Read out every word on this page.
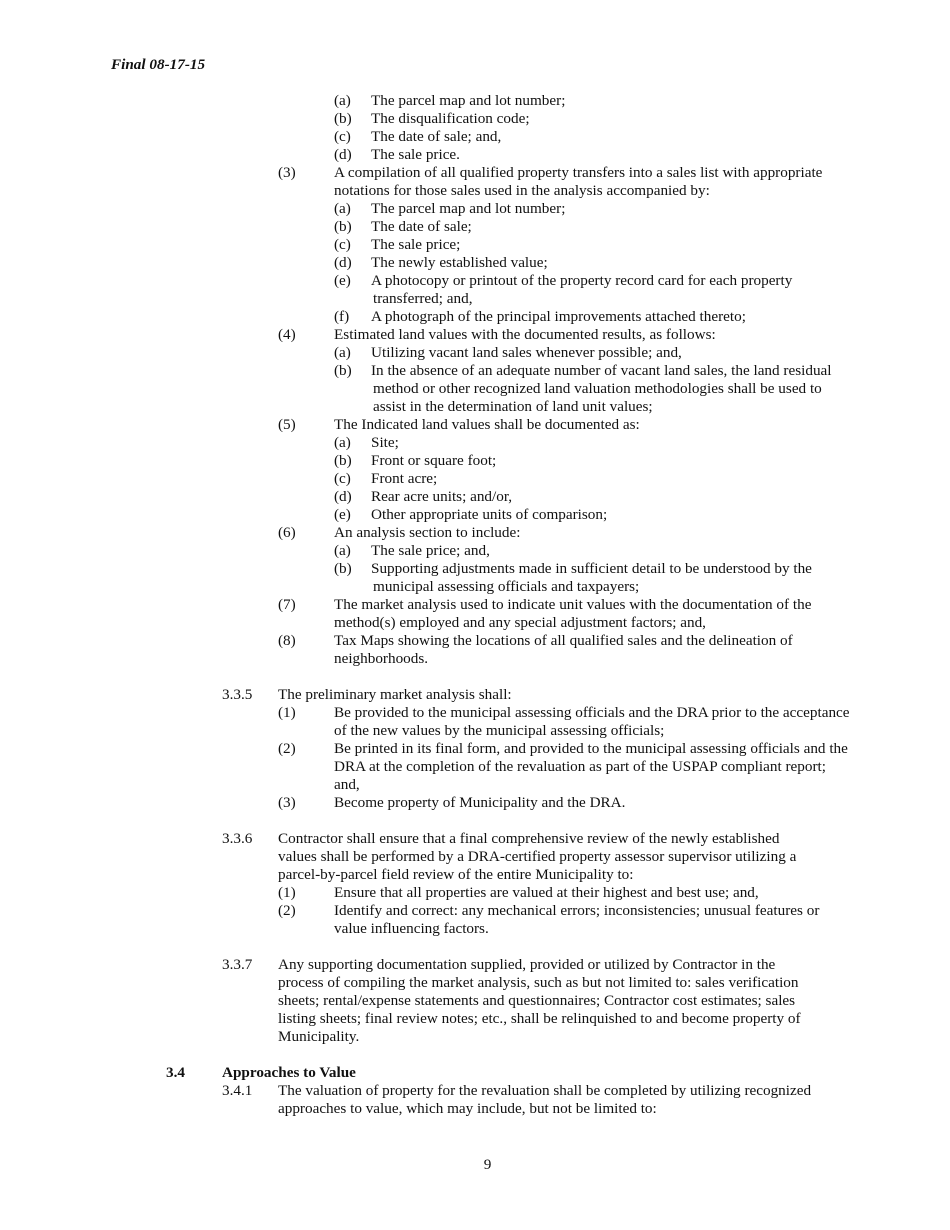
Final 08-17-15
(a) The parcel map and lot number;
(b) The disqualification code;
(c) The date of sale; and,
(d) The sale price.
(3)	A compilation of all qualified property transfers into a sales list with appropriate
notations for those sales used in the analysis accompanied by:
(a) The parcel map and lot number;
(b) The date of sale;
(c) The sale price;
(d) The newly established value;
(e) A photocopy or printout of the property record card for each property
transferred; and,
(f) A photograph of the principal improvements attached thereto;
(4)	Estimated land values with the documented results, as follows:
(a) Utilizing vacant land sales whenever possible; and,
(b) In the absence of an adequate number of vacant land sales, the land residual
method or other recognized land valuation methodologies shall be used to
assist in the determination of land unit values;
(5)	The Indicated land values shall be documented as:
(a) Site;
(b) Front or square foot;
(c) Front acre;
(d) Rear acre units; and/or,
(e) Other appropriate units of comparison;
(6)	An analysis section to include:
(a) The sale price; and,
(b) Supporting adjustments made in sufficient detail to be understood by the
municipal assessing officials and taxpayers;
(7)	The market analysis used to indicate unit values with the documentation of the
method(s) employed and any special adjustment factors; and,
(8)	Tax Maps showing the locations of all qualified sales and the delineation of
neighborhoods.
3.3.5 The preliminary market analysis shall:
(1)	Be provided to the municipal assessing officials and the DRA prior to the acceptance
of the new values by the municipal assessing officials;
(2)	Be printed in its final form, and provided to the municipal assessing officials and the
DRA at the completion of the revaluation as part of the USPAP compliant report;
and,
(3)	Become property of Municipality and the DRA.
3.3.6 Contractor shall ensure that a final comprehensive review of the newly established
values shall be performed by a DRA-certified property assessor supervisor utilizing a
parcel-by-parcel field review of the entire Municipality to:
(1)	Ensure that all properties are valued at their highest and best use; and,
(2)	Identify and correct: any mechanical errors; inconsistencies; unusual features or
value influencing factors.
3.3.7 Any supporting documentation supplied, provided or utilized by Contractor in the
process of compiling the market analysis, such as but not limited to: sales verification
sheets; rental/expense statements and questionnaires; Contractor cost estimates; sales
listing sheets; final review notes; etc., shall be relinquished to and become property of
Municipality.
3.4 Approaches to Value
3.4.1 The valuation of property for the revaluation shall be completed by utilizing recognized
approaches to value, which may include, but not be limited to:
9
